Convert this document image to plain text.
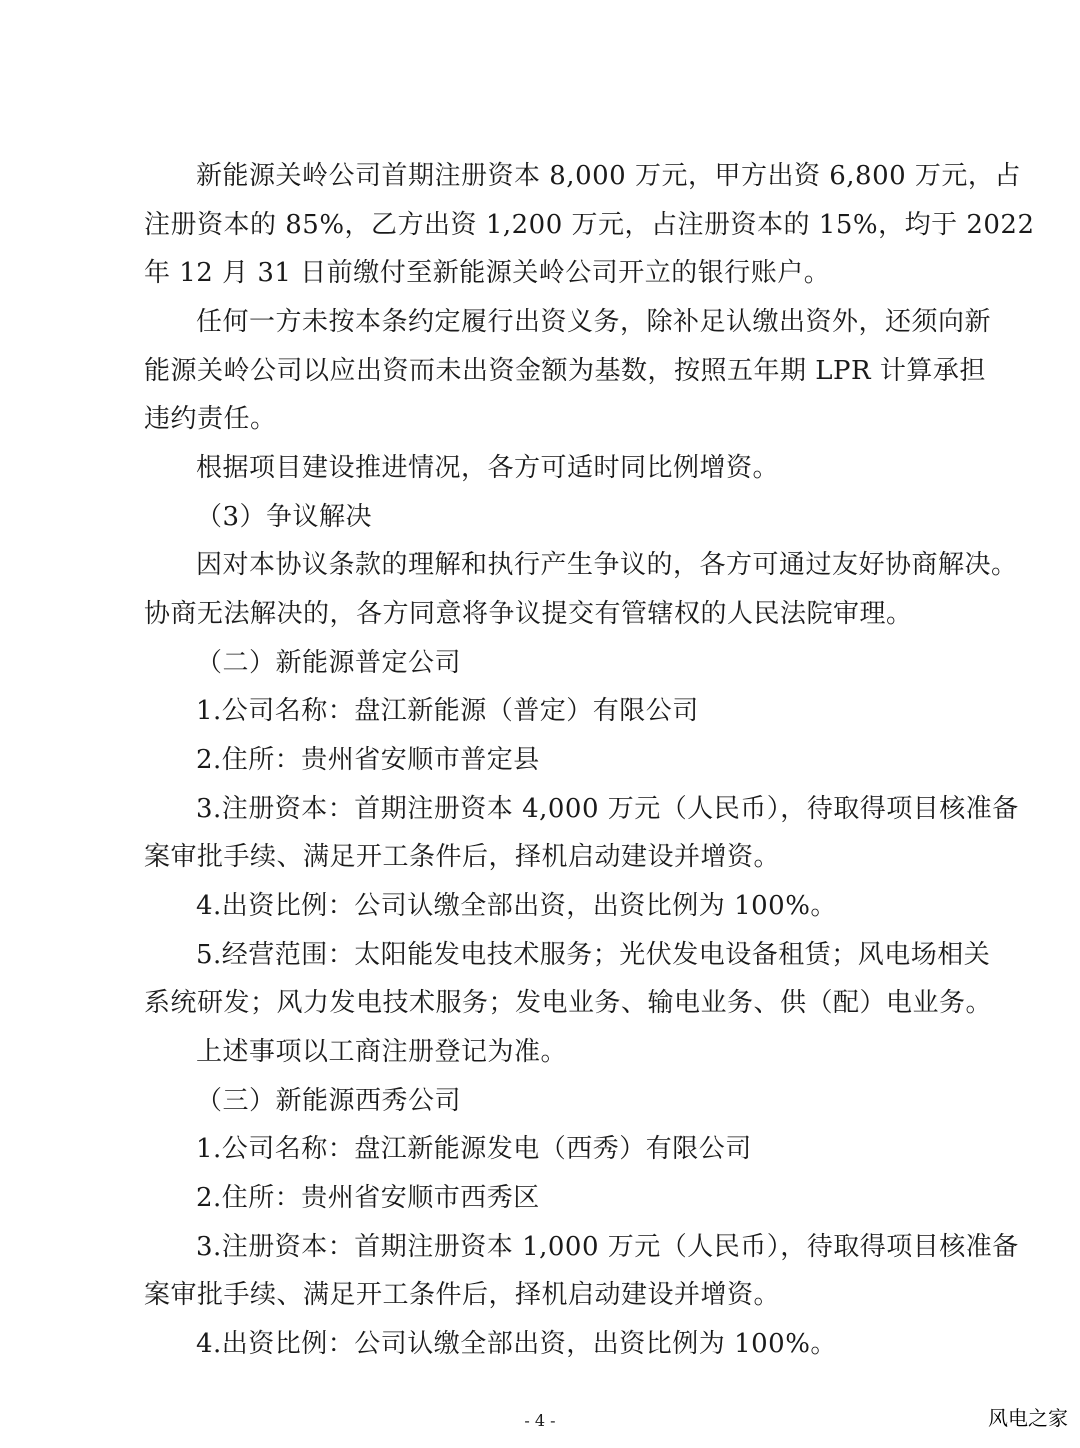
新能源关岭公司首期注册资本 8,000 万元，甲方出资 6,800 万元，占
注册资本的 85%，乙方出资 1,200 万元，占注册资本的 15%，均于 2022
年 12 月 31 日前缴付至新能源关岭公司开立的银行账户。
任何一方未按本条约定履行出资义务，除补足认缴出资外，还须向新
能源关岭公司以应出资而未出资金额为基数，按照五年期 LPR 计算承担
违约责任。
根据项目建设推进情况，各方可适时同比例增资。
（3）争议解决
因对本协议条款的理解和执行产生争议的，各方可通过友好协商解决。
协商无法解决的，各方同意将争议提交有管辖权的人民法院审理。
（二）新能源普定公司
1.公司名称：盘江新能源（普定）有限公司
2.住所：贵州省安顺市普定县
3.注册资本：首期注册资本 4,000 万元（人民币），待取得项目核准备
案审批手续、满足开工条件后，择机启动建设并增资。
4.出资比例：公司认缴全部出资，出资比例为 100%。
5.经营范围：太阳能发电技术服务；光伏发电设备租赁；风电场相关
系统研发；风力发电技术服务；发电业务、输电业务、供（配）电业务。
上述事项以工商注册登记为准。
（三）新能源西秀公司
1.公司名称：盘江新能源发电（西秀）有限公司
2.住所：贵州省安顺市西秀区
3.注册资本：首期注册资本 1,000 万元（人民币），待取得项目核准备
案审批手续、满足开工条件后，择机启动建设并增资。
4.出资比例：公司认缴全部出资，出资比例为 100%。
- 4 -	风电之家
